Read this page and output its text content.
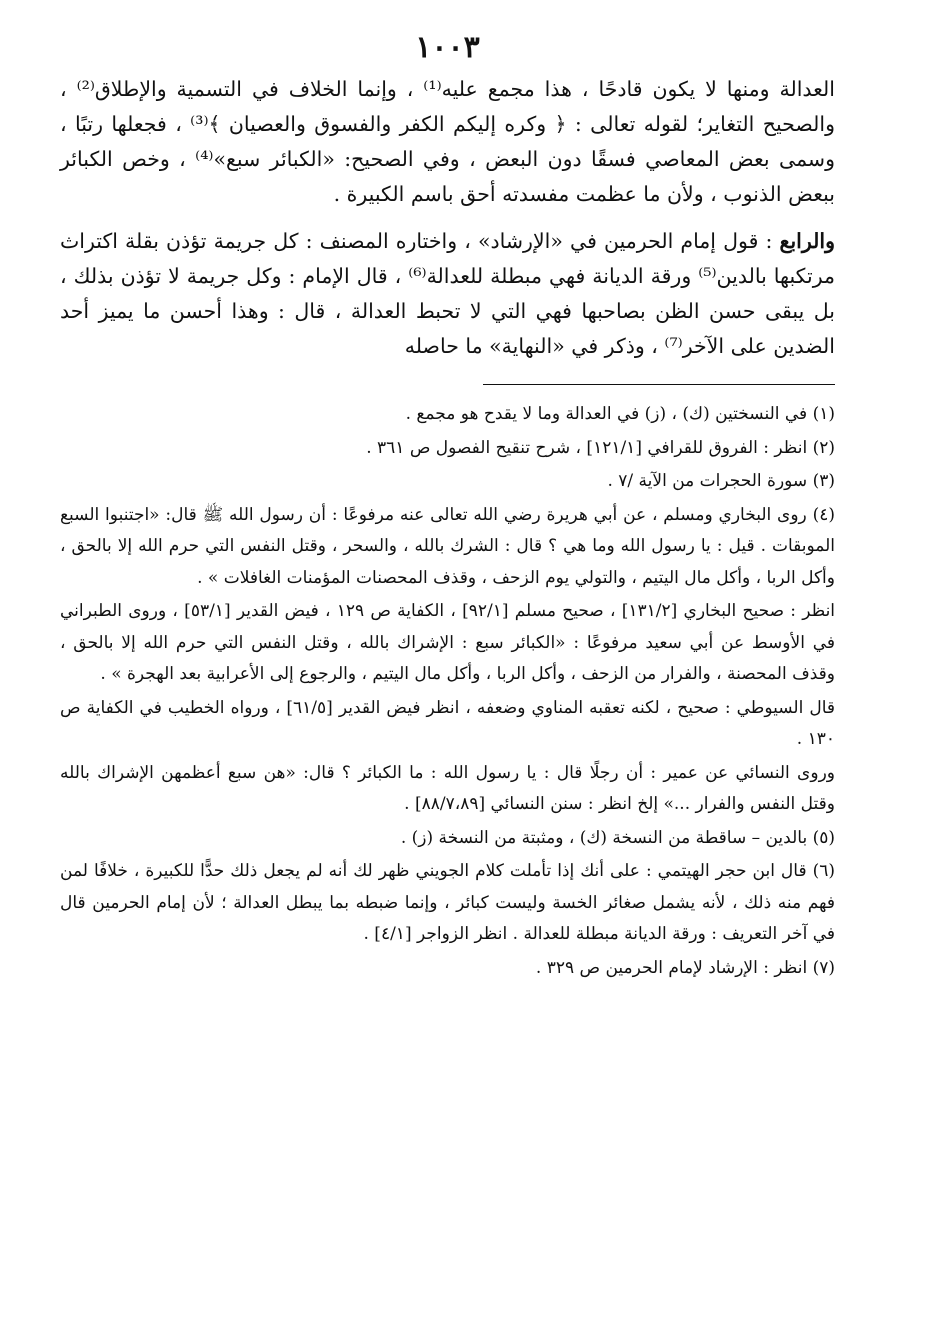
١٠٠٣

العدالة ومنها لا يكون قادحًا ، هذا مجمع عليه⁽¹⁾ ، وإنما الخلاف في التسمية والإطلاق⁽²⁾ ، والصحيح التغاير؛ لقوله تعالى : ﴿ وكره إليكم الكفر والفسوق والعصيان ﴾⁽³⁾ ، فجعلها رتبًا ، وسمى بعض المعاصي فسقًا دون البعض ، وفي الصحيح: «الكبائر سبع»⁽⁴⁾ ، وخص الكبائر ببعض الذنوب ، ولأن ما عظمت مفسدته أحق باسم الكبيرة .

والرابع : قول إمام الحرمين في «الإرشاد» ، واختاره المصنف : كل جريمة تؤذن بقلة اكتراث مرتكبها بالدين⁽⁵⁾ ورقة الديانة فهي مبطلة للعدالة⁽⁶⁾ ، قال الإمام : وكل جريمة لا تؤذن بذلك ، بل يبقى حسن الظن بصاحبها فهي التي لا تحبط العدالة ، قال : وهذا أحسن ما يميز أحد الضدين على الآخر⁽⁷⁾ ، وذكر في «النهاية» ما حاصله

(١) في النسختين (ك) ، (ز) في العدالة وما لا يقدح هو مجمع .

(٢) انظر : الفروق للقرافي [١٢١/١] ، شرح تنقيح الفصول ص ٣٦١ .

(٣) سورة الحجرات من الآية /٧ .

(٤) روى البخاري ومسلم ، عن أبي هريرة رضي الله تعالى عنه مرفوعًا : أن رسول الله ﷺ قال: «اجتنبوا السبع الموبقات . قيل : يا رسول الله وما هي ؟ قال : الشرك بالله ، والسحر ، وقتل النفس التي حرم الله إلا بالحق ، وأكل الربا ، وأكل مال اليتيم ، والتولي يوم الزحف ، وقذف المحصنات المؤمنات الغافلات » .

انظر : صحيح البخاري [١٣١/٢] ، صحيح مسلم [٩٢/١] ، الكفاية ص ١٢٩ ، فيض القدير [٥٣/١] ، وروى الطبراني في الأوسط عن أبي سعيد مرفوعًا : «الكبائر سبع : الإشراك بالله ، وقتل النفس التي حرم الله إلا بالحق ، وقذف المحصنة ، والفرار من الزحف ، وأكل الربا ، وأكل مال اليتيم ، والرجوع إلى الأعرابية بعد الهجرة » .

قال السيوطي : صحيح ، لكنه تعقبه المناوي وضعفه ، انظر فيض القدير [٦١/٥] ، ورواه الخطيب في الكفاية ص ١٣٠ .

وروى النسائي عن عمير : أن رجلًا قال : يا رسول الله : ما الكبائر ؟ قال: «هن سبع أعظمهن الإشراك بالله وقتل النفس والفرار ...» إلخ انظر : سنن النسائي [٨٨/٧،٨٩] .

(٥) بالدين – ساقطة من النسخة (ك) ، ومثبتة من النسخة (ز) .

(٦) قال ابن حجر الهيتمي : على أنك إذا تأملت كلام الجويني ظهر لك أنه لم يجعل ذلك حدًّا للكبيرة ، خلافًا لمن فهم منه ذلك ، لأنه يشمل صغائر الخسة وليست كبائر ، وإنما ضبطه بما يبطل العدالة ؛ لأن إمام الحرمين قال في آخر التعريف : ورقة الديانة مبطلة للعدالة . انظر الزواجر [٤/١] .

(٧) انظر : الإرشاد لإمام الحرمين ص ٣٢٩ .
